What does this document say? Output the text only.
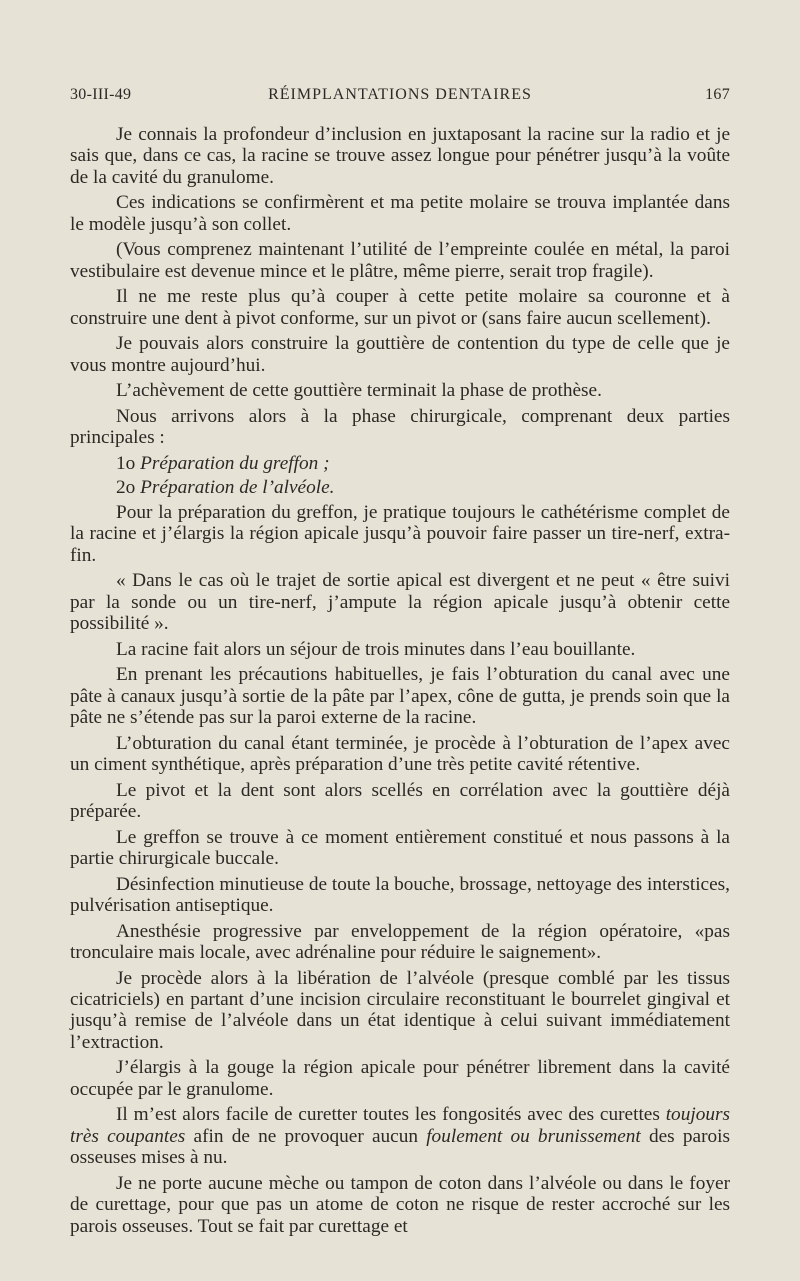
30-III-49	RÉIMPLANTATIONS DENTAIRES	167

Je connais la profondeur d’inclusion en juxtaposant la racine sur la radio et je sais que, dans ce cas, la racine se trouve assez longue pour pénétrer jusqu’à la voûte de la cavité du granulome.

Ces indications se confirmèrent et ma petite molaire se trouva implantée dans le modèle jusqu’à son collet.

(Vous comprenez maintenant l’utilité de l’empreinte coulée en métal, la paroi vestibulaire est devenue mince et le plâtre, même pierre, serait trop fragile).

Il ne me reste plus qu’à couper à cette petite molaire sa couronne et à construire une dent à pivot conforme, sur un pivot or (sans faire aucun scellement).

Je pouvais alors construire la gouttière de contention du type de celle que je vous montre aujourd’hui.

L’achèvement de cette gouttière terminait la phase de prothèse.

Nous arrivons alors à la phase chirurgicale, comprenant deux parties principales :

1o Préparation du greffon ;

2o Préparation de l’alvéole.

Pour la préparation du greffon, je pratique toujours le cathétérisme complet de la racine et j’élargis la région apicale jusqu’à pouvoir faire passer un tire-nerf, extra-fin.

« Dans le cas où le trajet de sortie apical est divergent et ne peut « être suivi par la sonde ou un tire-nerf, j’ampute la région apicale jusqu’à obtenir cette possibilité ».

La racine fait alors un séjour de trois minutes dans l’eau bouillante.

En prenant les précautions habituelles, je fais l’obturation du canal avec une pâte à canaux jusqu’à sortie de la pâte par l’apex, cône de gutta, je prends soin que la pâte ne s’étende pas sur la paroi externe de la racine.

L’obturation du canal étant terminée, je procède à l’obturation de l’apex avec un ciment synthétique, après préparation d’une très petite cavité rétentive.

Le pivot et la dent sont alors scellés en corrélation avec la gouttière déjà préparée.

Le greffon se trouve à ce moment entièrement constitué et nous passons à la partie chirurgicale buccale.

Désinfection minutieuse de toute la bouche, brossage, nettoyage des interstices, pulvérisation antiseptique.

Anesthésie progressive par enveloppement de la région opératoire, «pas tronculaire mais locale, avec adrénaline pour réduire le saignement».

Je procède alors à la libération de l’alvéole (presque comblé par les tissus cicatriciels) en partant d’une incision circulaire reconstituant le bourrelet gingival et jusqu’à remise de l’alvéole dans un état identique à celui suivant immédiatement l’extraction.

J’élargis à la gouge la région apicale pour pénétrer librement dans la cavité occupée par le granulome.

Il m’est alors facile de curetter toutes les fongosités avec des curettes toujours très coupantes afin de ne provoquer aucun foulement ou brunissement des parois osseuses mises à nu.

Je ne porte aucune mèche ou tampon de coton dans l’alvéole ou dans le foyer de curettage, pour que pas un atome de coton ne risque de rester accroché sur les parois osseuses. Tout se fait par curettage et
